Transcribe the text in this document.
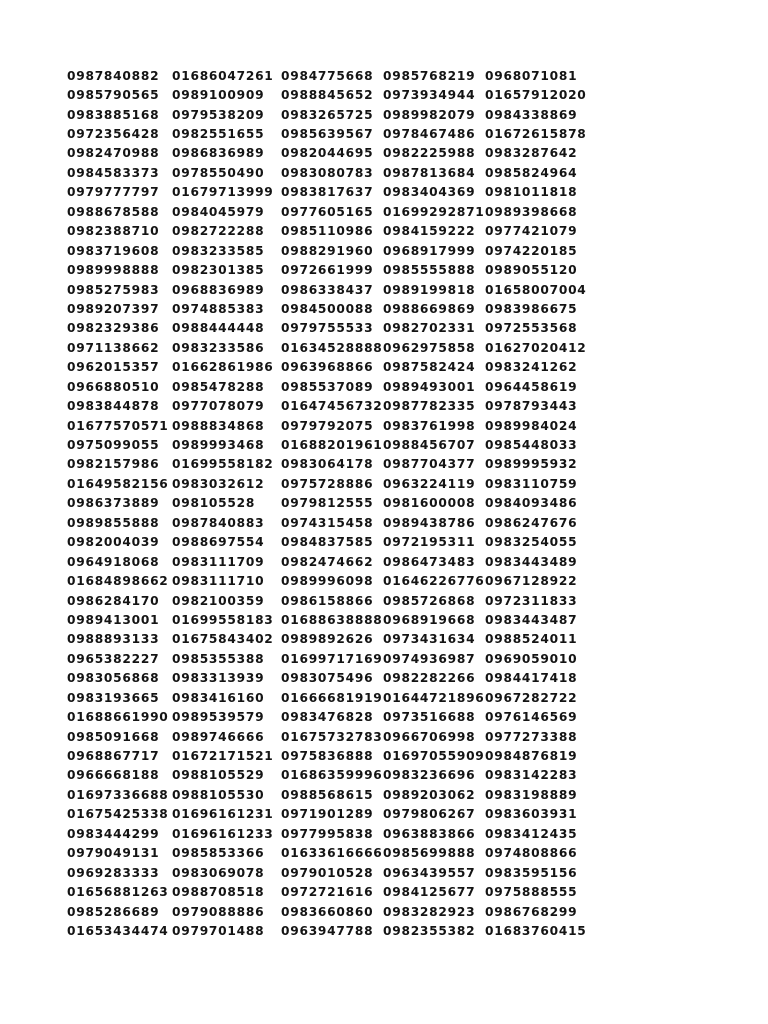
0987840882	01686047261	0984775668	0985768219	0968071081
0985790565	0989100909	0988845652	0973934944	01657912020
0983885168	0979538209	0983265725	0989982079	0984338869
0972356428	0982551655	0985639567	0978467486	01672615878
0982470988	0986836989	0982044695	0982225988	0983287642
0984583373	0978550490	0983080783	0987813684	0985824964
0979777797	01679713999	0983817637	0983404369	0981011818
0988678588	0984045979	0977605165	01699292871	0989398668
0982388710	0982722288	0985110986	0984159222	0977421079
0983719608	0983233585	0988291960	0968917999	0974220185
0989998888	0982301385	0972661999	0985555888	0989055120
0985275983	0968836989	0986338437	0989199818	01658007004
0989207397	0974885383	0984500088	0988669869	0983986675
0982329386	0988444448	0979755533	0982702331	0972553568
0971138662	0983233586	01634528888	0962975858	01627020412
0962015357	01662861986	0963968866	0987582424	0983241262
0966880510	0985478288	0985537089	0989493001	0964458619
0983844878	0977078079	01647456732	0987782335	0978793443
01677570571	0988834868	0979792075	0983761998	0989984024
0975099055	0989993468	01688201961	0988456707	0985448033
0982157986	01699558182	0983064178	0987704377	0989995932
01649582156	0983032612	0975728886	0963224119	0983110759
0986373889	098105528	0979812555	0981600008	0984093486
0989855888	0987840883	0974315458	0989438786	0986247676
0982004039	0988697554	0984837585	0972195311	0983254055
0964918068	0983111709	0982474662	0986473483	0983443489
01684898662	0983111710	0989996098	01646226776	0967128922
0986284170	0982100359	0986158866	0985726868	0972311833
0989413001	01699558183	01688638888	0968919668	0983443487
0988893133	01675843402	0989892626	0973431634	0988524011
0965382227	0985355388	01699717169	0974936987	0969059010
0983056868	0983313939	0983075496	0982282266	0984417418
0983193665	0983416160	01666681919	01644721896	0967282722
01688661990	0989539579	0983476828	0973516688	0976146569
0985091668	0989746666	01675732783	0966706998	0977273388
0968867717	01672171521	0975836888	01697055909	0984876819
0966668188	0988105529	01686359996	0983236696	0983142283
01697336688	0988105530	0988568615	0989203062	0983198889
01675425338	01696161231	0971901289	0979806267	0983603931
0983444299	01696161233	0977995838	0963883866	0983412435
0979049131	0985853366	01633616666	0985699888	0974808866
0969283333	0983069078	0979010528	0963439557	0983595156
01656881263	0988708518	0972721616	0984125677	0975888555
0985286689	0979088886	0983660860	0983282923	0986768299
01653434474	0979701488	0963947788	0982355382	01683760415
